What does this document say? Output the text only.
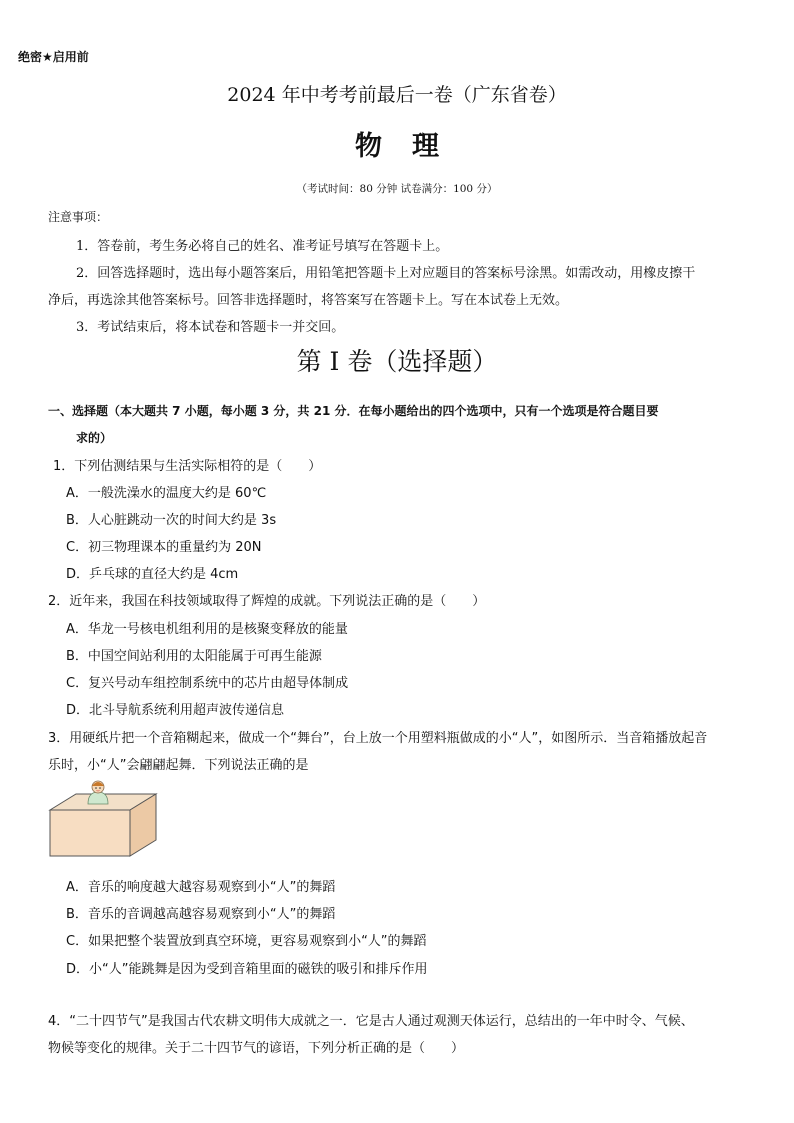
绝密★启用前
2024 年中考考前最后一卷（广东省卷）
物理
（考试时间：80 分钟 试卷满分：100 分）
注意事项：
1．答卷前，考生务必将自己的姓名、准考证号填写在答题卡上。
2．回答选择题时，选出每小题答案后，用铅笔把答题卡上对应题目的答案标号涂黑。如需改动，用橡皮擦干
净后，再选涂其他答案标号。回答非选择题时，将答案写在答题卡上。写在本试卷上无效。
3．考试结束后，将本试卷和答题卡一并交回。
第 I 卷（选择题）
一、选择题（本大题共 7 小题，每小题 3 分，共 21 分．在每小题给出的四个选项中，只有一个选项是符合题目要
求的）
1．下列估测结果与生活实际相符的是（　　）
A．一般洗澡水的温度大约是 60℃
B．人心脏跳动一次的时间大约是 3s
C．初三物理课本的重量约为 20N
D．乒乓球的直径大约是 4cm
2．近年来，我国在科技领域取得了辉煌的成就。下列说法正确的是（　　）
A．华龙一号核电机组利用的是核聚变释放的能量
B．中国空间站利用的太阳能属于可再生能源
C．复兴号动车组控制系统中的芯片由超导体制成
D．北斗导航系统利用超声波传递信息
3．用硬纸片把一个音箱糊起来，做成一个“舞台”，台上放一个用塑料瓶做成的小“人”，如图所示．当音箱播放起音
乐时，小“人”会翩翩起舞．下列说法正确的是
A．音乐的响度越大越容易观察到小“人”的舞蹈
B．音乐的音调越高越容易观察到小“人”的舞蹈
C．如果把整个装置放到真空环境，更容易观察到小“人”的舞蹈
D．小“人”能跳舞是因为受到音箱里面的磁铁的吸引和排斥作用
4．“二十四节气”是我国古代农耕文明伟大成就之一．它是古人通过观测天体运行，总结出的一年中时令、气候、
物候等变化的规律。关于二十四节气的谚语，下列分析正确的是（　　）
